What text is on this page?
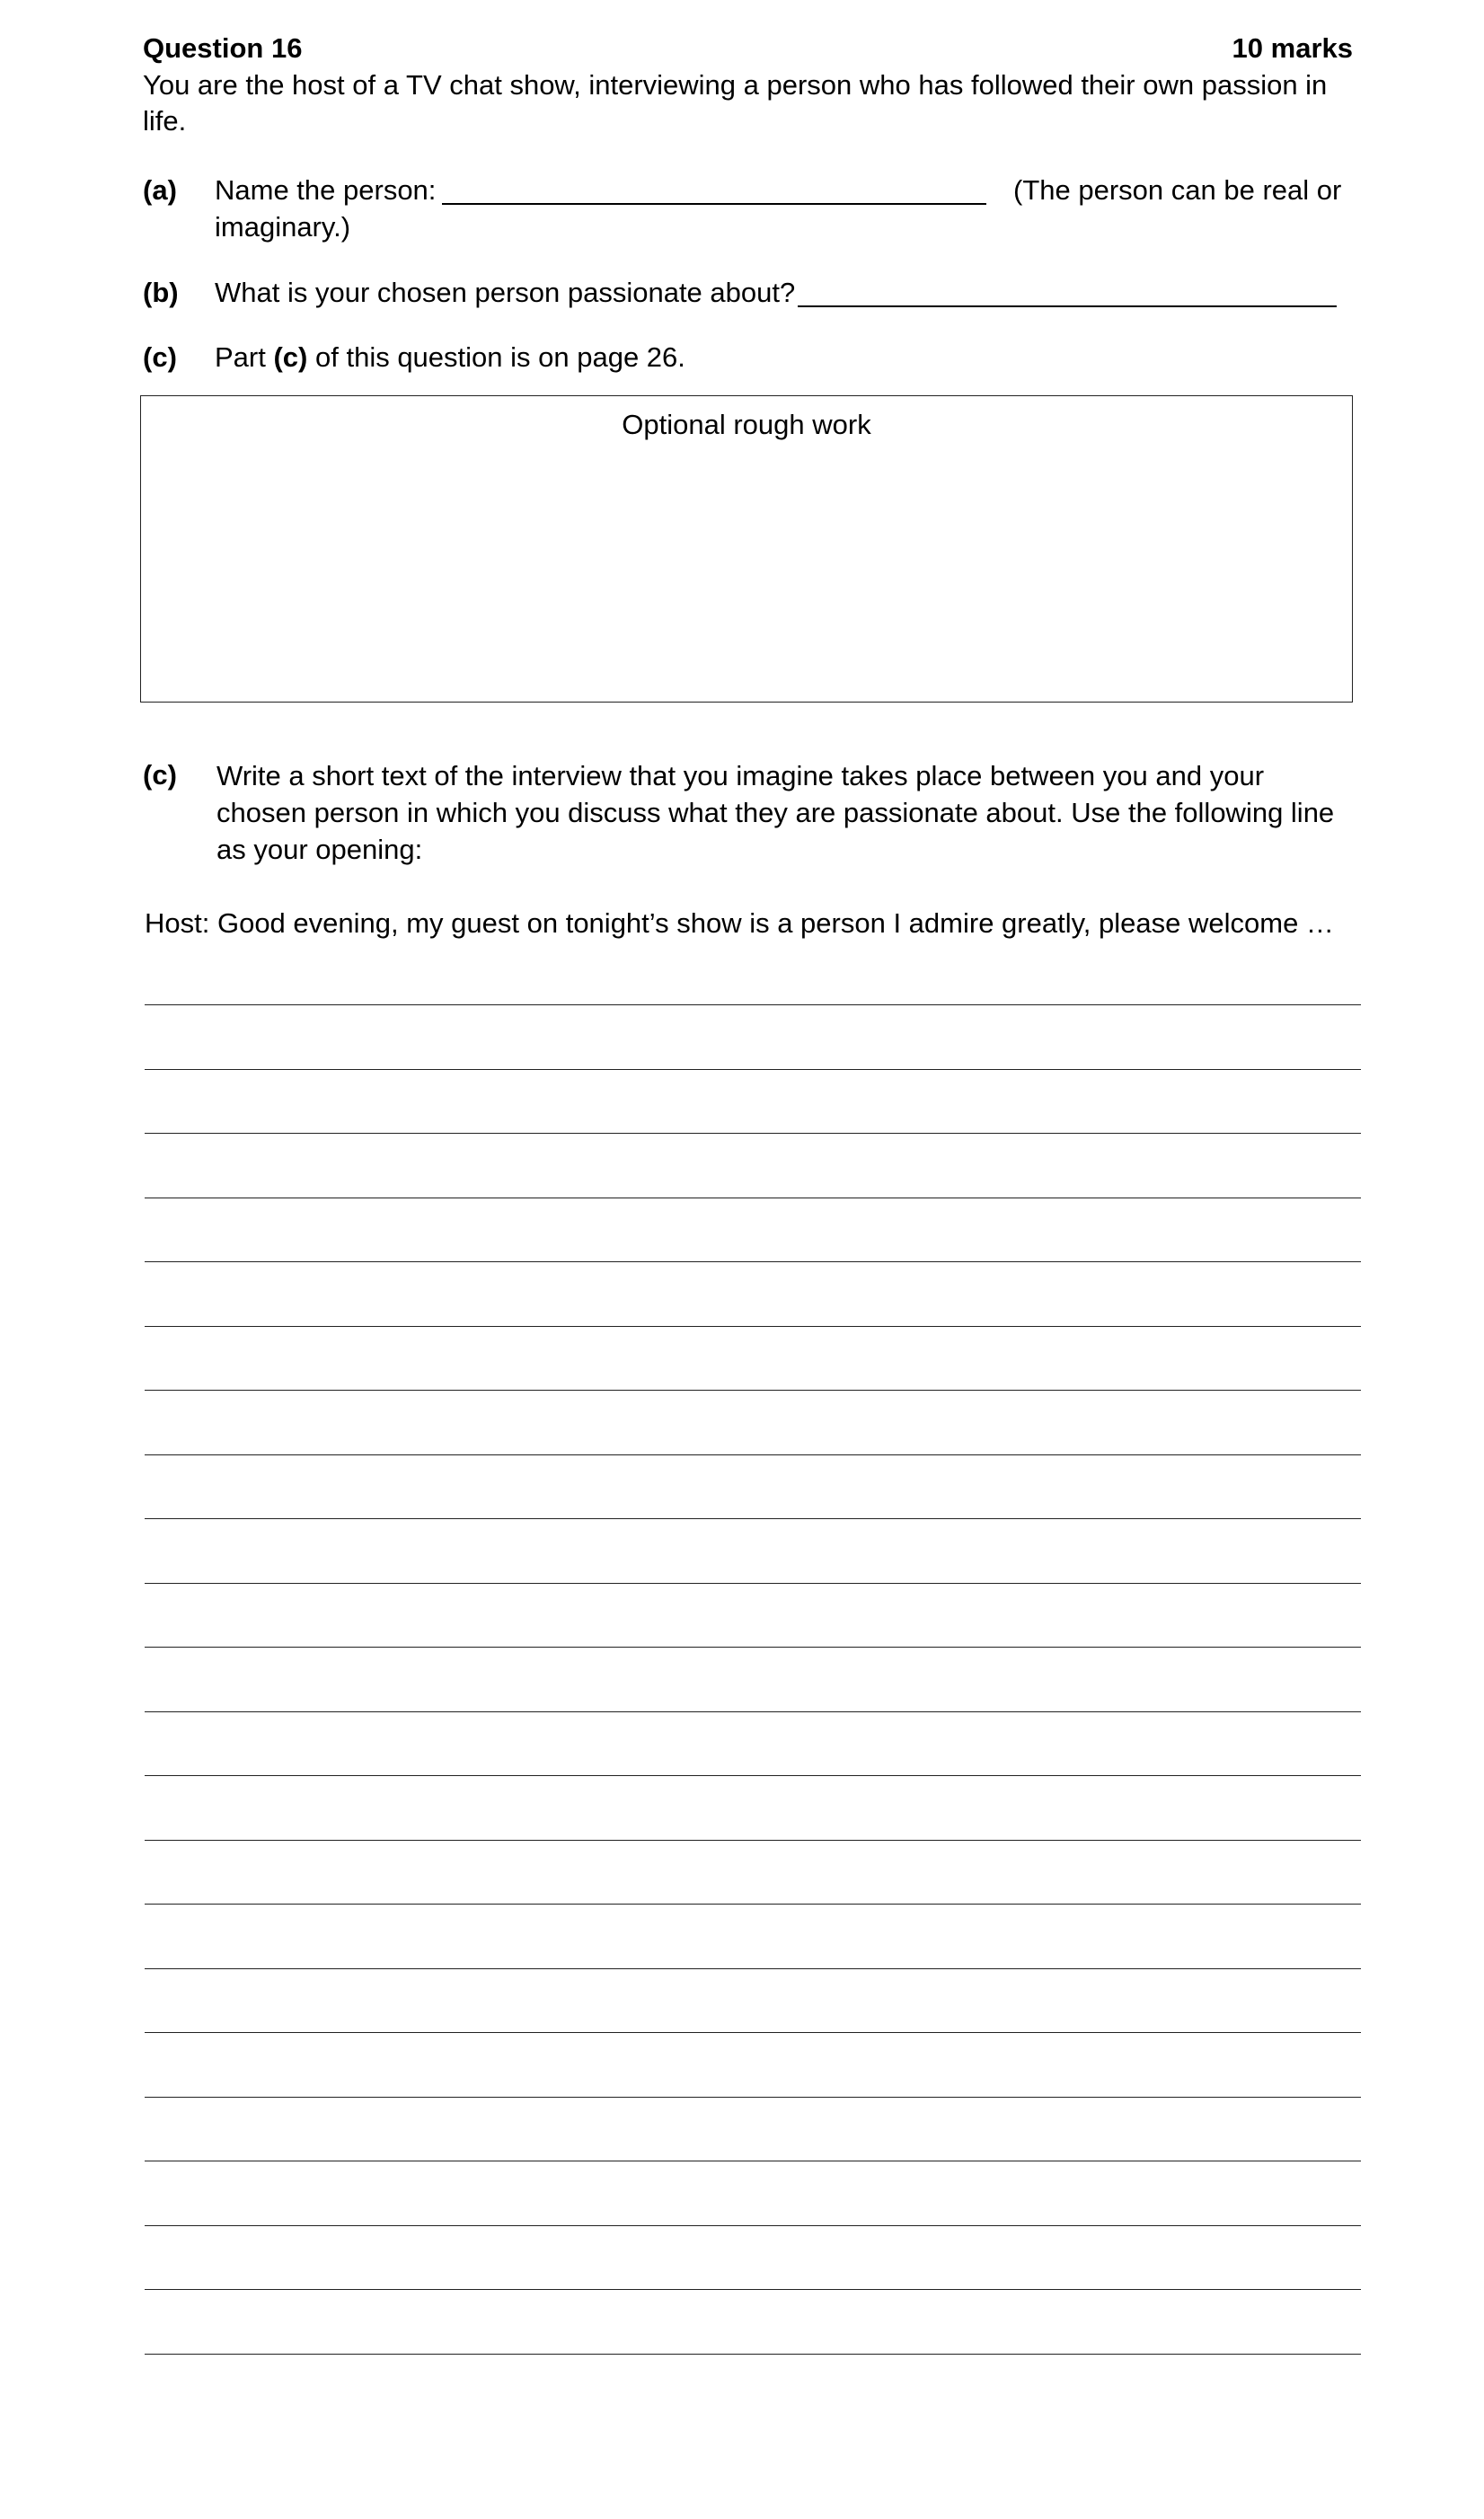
Question 16	10 marks
You are the host of a TV chat show, interviewing a person who has followed their own passion in life.
(a) Name the person:	(The person can be real or
imaginary.)
(b) What is your chosen person passionate about?
(c) Part (c) of this question is on page 26.
Optional rough work
(c) Write a short text of the interview that you imagine takes place between you and your chosen person in which you discuss what they are passionate about. Use the following line as your opening:
Host: Good evening, my guest on tonight’s show is a person I admire greatly, please welcome …
